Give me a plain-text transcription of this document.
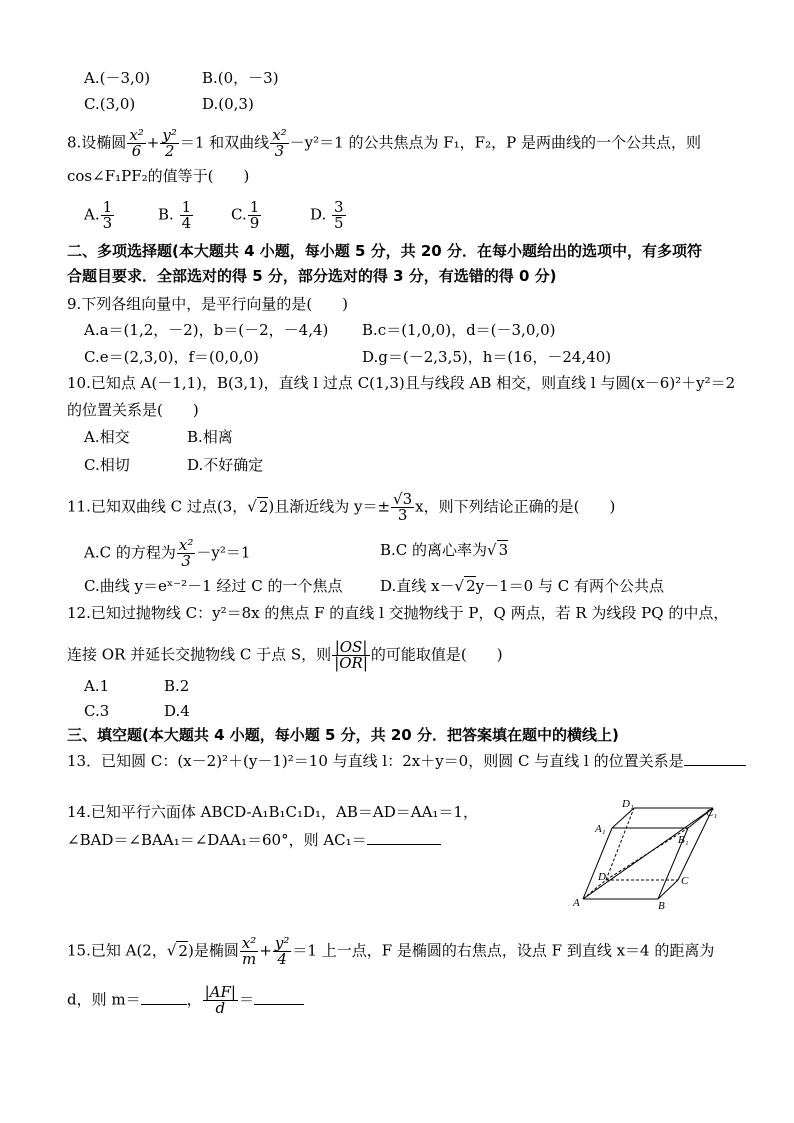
A.(－3,0)	B.(0，－3)
C.(3,0)	D.(0,3)
8.设椭圆 $\frac{\text{x²}}{6} + \frac{\text{y²}}{2} =1$ 和双曲线 $\frac{\text{x²}}{3} -y^2=1$ 的公共焦点为 F₁，F₂，P 是两曲线的一个公共点，则
cos∠F₁PF₂的值等于(　　)
A. $\frac{1}{3}$	B. $\frac{1}{4}$	C. $\frac{1}{9}$	D. $\frac{3}{5}$
二、多项选择题(本大题共 4 小题，每小题 5 分，共 20 分．在每小题给出的选项中，有多项符
合题目要求．全部选对的得 5 分，部分选对的得 3 分，有选错的得 0 分)
9.下列各组向量中，是平行向量的是(　　)
A.a＝(1,2，－2)，b＝(－2，－4,4) B.c＝(1,0,0)，d＝(－3,0,0)
C.e＝(2,3,0)，f＝(0,0,0)	D.g＝(－2,3,5)，h＝(16，－24,40)
10.已知点 A(－1,1)，B(3,1)，直线 l 过点 C(1,3)且与线段 AB 相交，则直线 l 与圆(x－6)²＋y²＝2
的位置关系是(　　)
A.相交	B.相离
C.相切	D.不好确定
11.已知双曲线 C 过点(3，√ 2)且渐近线为 $y=\pm \frac{√3}{3}$ x，则下列结论正确的是(　　)
A.C 的方程为 $\frac{\text{x²}}{3} -y^2=1$	B.C 的离心率为√ 3
C.曲线 y＝eˣ⁻²－1 经过 C 的一个焦点	D.直线 x－√ 2y－1＝0 与 C 有两个公共点
12.已知过抛物线 C：y²＝8x 的焦点 F 的直线 l 交抛物线于 P，Q 两点，若 R 为线段 PQ 的中点，
连接 OR 并延长交抛物线 C 于点 S，则 $\frac{|OS|}{|OR|}$ 的可能取值是(　　)
A.1	B.2
C.3	D.4
三、填空题(本大题共 4 小题，每小题 5 分，共 20 分．把答案填在题中的横线上)
13．已知圆 C：(x－2)²＋(y－1)²＝10 与直线 l：2x＋y＝0，则圆 C 与直线 l 的位置关系是
14.已知平行六面体 ABCD-A₁B₁C₁D₁，AB＝AD＝AA₁＝1，
∠BAD＝∠BAA₁＝∠DAA₁＝60°，则 AC₁＝
A	B
C
D
A₁
B₁
C₁
D₁
15.已知 A(2，√ 2)是椭圆 $\frac{\text{x²}}{m} + \frac{\text{y²}}{4} =1$ 上一点，F 是椭圆的右焦点，设点 F 到直线 x＝4 的距离为
d，则 m＝	， $\frac{|AF|}{d}$ ＝
